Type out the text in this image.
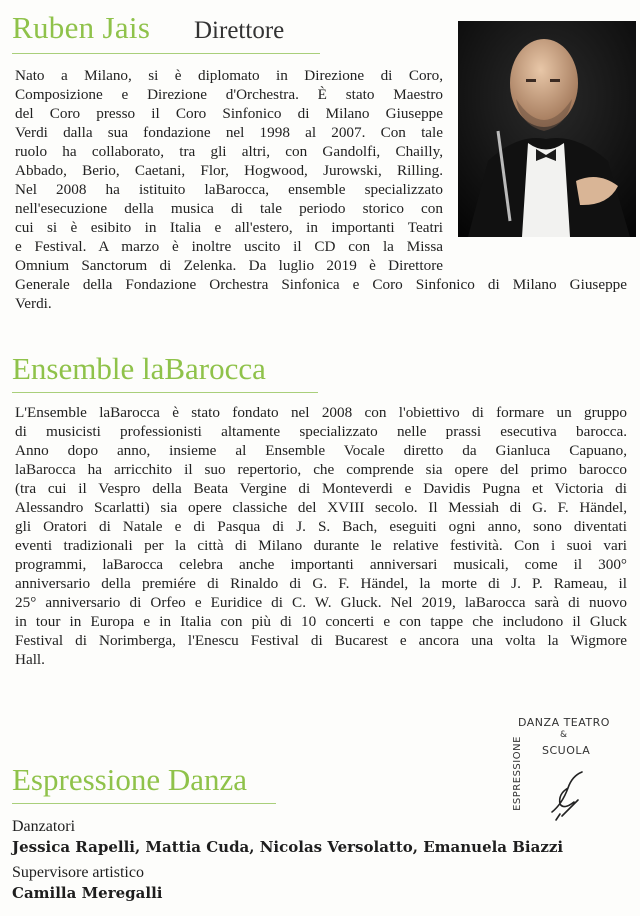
Ruben Jais Direttore
Nato a Milano, si è diplomato in Direzione di Coro,
Composizione e Direzione d'Orchestra. È stato Maestro
del Coro presso il Coro Sinfonico di Milano Giuseppe
Verdi dalla sua fondazione nel 1998 al 2007. Con tale
ruolo ha collaborato, tra gli altri, con Gandolfi, Chailly,
Abbado, Berio, Caetani, Flor, Hogwood, Jurowski, Rilling.
Nel 2008 ha istituito laBarocca, ensemble specializzato
nell'esecuzione della musica di tale periodo storico con
cui si è esibito in Italia e all'estero, in importanti Teatri
e Festival. A marzo è inoltre uscito il CD con la Missa
Omnium Sanctorum di Zelenka. Da luglio 2019 è Direttore
Generale della Fondazione Orchestra Sinfonica e Coro Sinfonico di Milano Giuseppe
Verdi.
Ensemble laBarocca
L'Ensemble laBarocca è stato fondato nel 2008 con l'obiettivo di formare un gruppo
di musicisti professionisti altamente specializzato nelle prassi esecutiva barocca.
Anno dopo anno, insieme al Ensemble Vocale diretto da Gianluca Capuano,
laBarocca ha arricchito il suo repertorio, che comprende sia opere del primo barocco
(tra cui il Vespro della Beata Vergine di Monteverdi e Davidis Pugna et Victoria di
Alessandro Scarlatti) sia opere classiche del XVIII secolo. Il Messiah di G. F. Händel,
gli Oratori di Natale e di Pasqua di J. S. Bach, eseguiti ogni anno, sono diventati
eventi tradizionali per la città di Milano durante le relative festività. Con i suoi vari
programmi, laBarocca celebra anche importanti anniversari musicali, come il 300°
anniversario della premiére di Rinaldo di G. F. Händel, la morte di J. P. Rameau, il
25° anniversario di Orfeo e Euridice di C. W. Gluck. Nel 2019, laBarocca sarà di nuovo
in tour in Europa e in Italia con più di 10 concerti e con tappe che includono il Gluck
Festival di Norimberga, l'Enescu Festival di Bucarest e ancora una volta la Wigmore
Hall.
DANZA TEATRO
&
SCUOLA
ESPRESSIONE
Espressione Danza
Danzatori
Jessica Rapelli, Mattia Cuda, Nicolas Versolatto, Emanuela Biazzi
Supervisore artistico
Camilla Meregalli
